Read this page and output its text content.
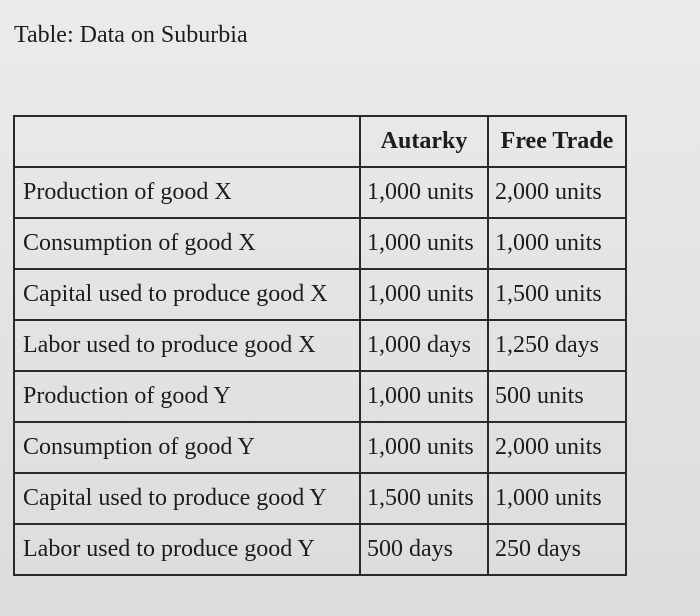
Table: Data on Suburbia
	Autarky	Free Trade
Production of good X	1,000 units	2,000 units
Consumption of good X	1,000 units	1,000 units
Capital used to produce good X	1,000 units	1,500 units
Labor used to produce good X	1,000 days	1,250 days
Production of good Y	1,000 units	500 units
Consumption of good Y	1,000 units	2,000 units
Capital used to produce good Y	1,500 units	1,000 units
Labor used to produce good Y	500 days	250 days
